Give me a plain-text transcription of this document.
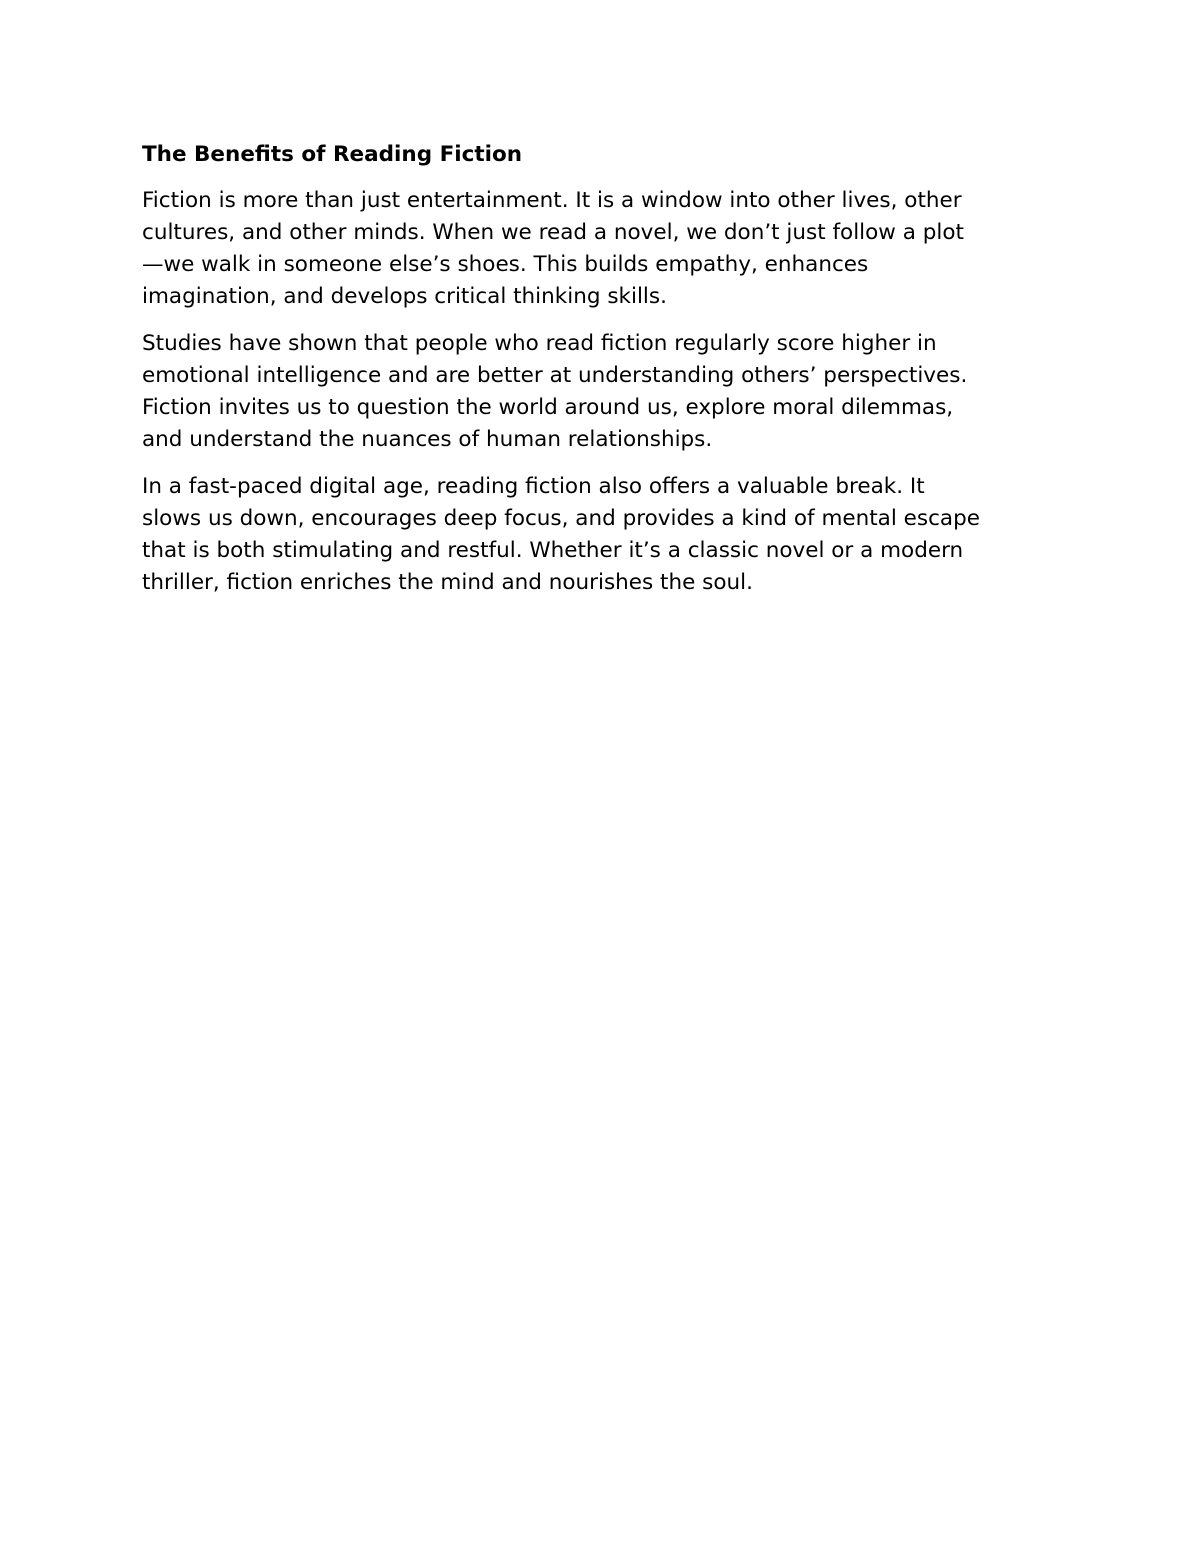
The Benefits of Reading Fiction

Fiction is more than just entertainment. It is a window into other lives, other
cultures, and other minds. When we read a novel, we don’t just follow a plot
—we walk in someone else’s shoes. This builds empathy, enhances
imagination, and develops critical thinking skills.

Studies have shown that people who read fiction regularly score higher in
emotional intelligence and are better at understanding others’ perspectives.
Fiction invites us to question the world around us, explore moral dilemmas,
and understand the nuances of human relationships.

In a fast-paced digital age, reading fiction also offers a valuable break. It
slows us down, encourages deep focus, and provides a kind of mental escape
that is both stimulating and restful. Whether it’s a classic novel or a modern
thriller, fiction enriches the mind and nourishes the soul.
